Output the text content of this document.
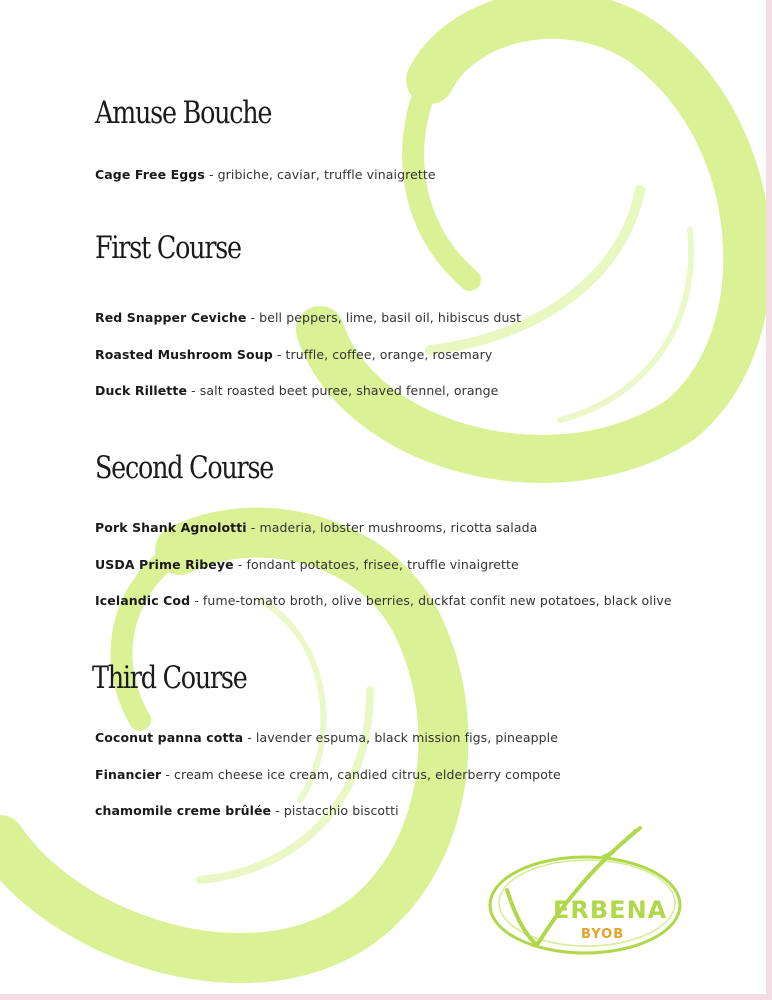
Amuse Bouche

Cage Free Eggs - gribiche, caviar, truffle vinaigrette

First Course

Red Snapper Ceviche - bell peppers, lime, basil oil, hibiscus dust

Roasted Mushroom Soup - truffle, coffee, orange, rosemary

Duck Rillette - salt roasted beet puree, shaved fennel, orange

Second Course

Pork Shank Agnolotti - maderia, lobster mushrooms, ricotta salada

USDA Prime Ribeye - fondant potatoes, frisee, truffle vinaigrette

Icelandic Cod - fume-tomato broth, olive berries, duckfat confit new potatoes, black olive

Third Course

Coconut panna cotta - lavender espuma, black mission figs, pineapple

Financier - cream cheese ice cream, candied citrus, elderberry compote

chamomile creme brûlée - pistacchio biscotti

ERBENA
BYOB
